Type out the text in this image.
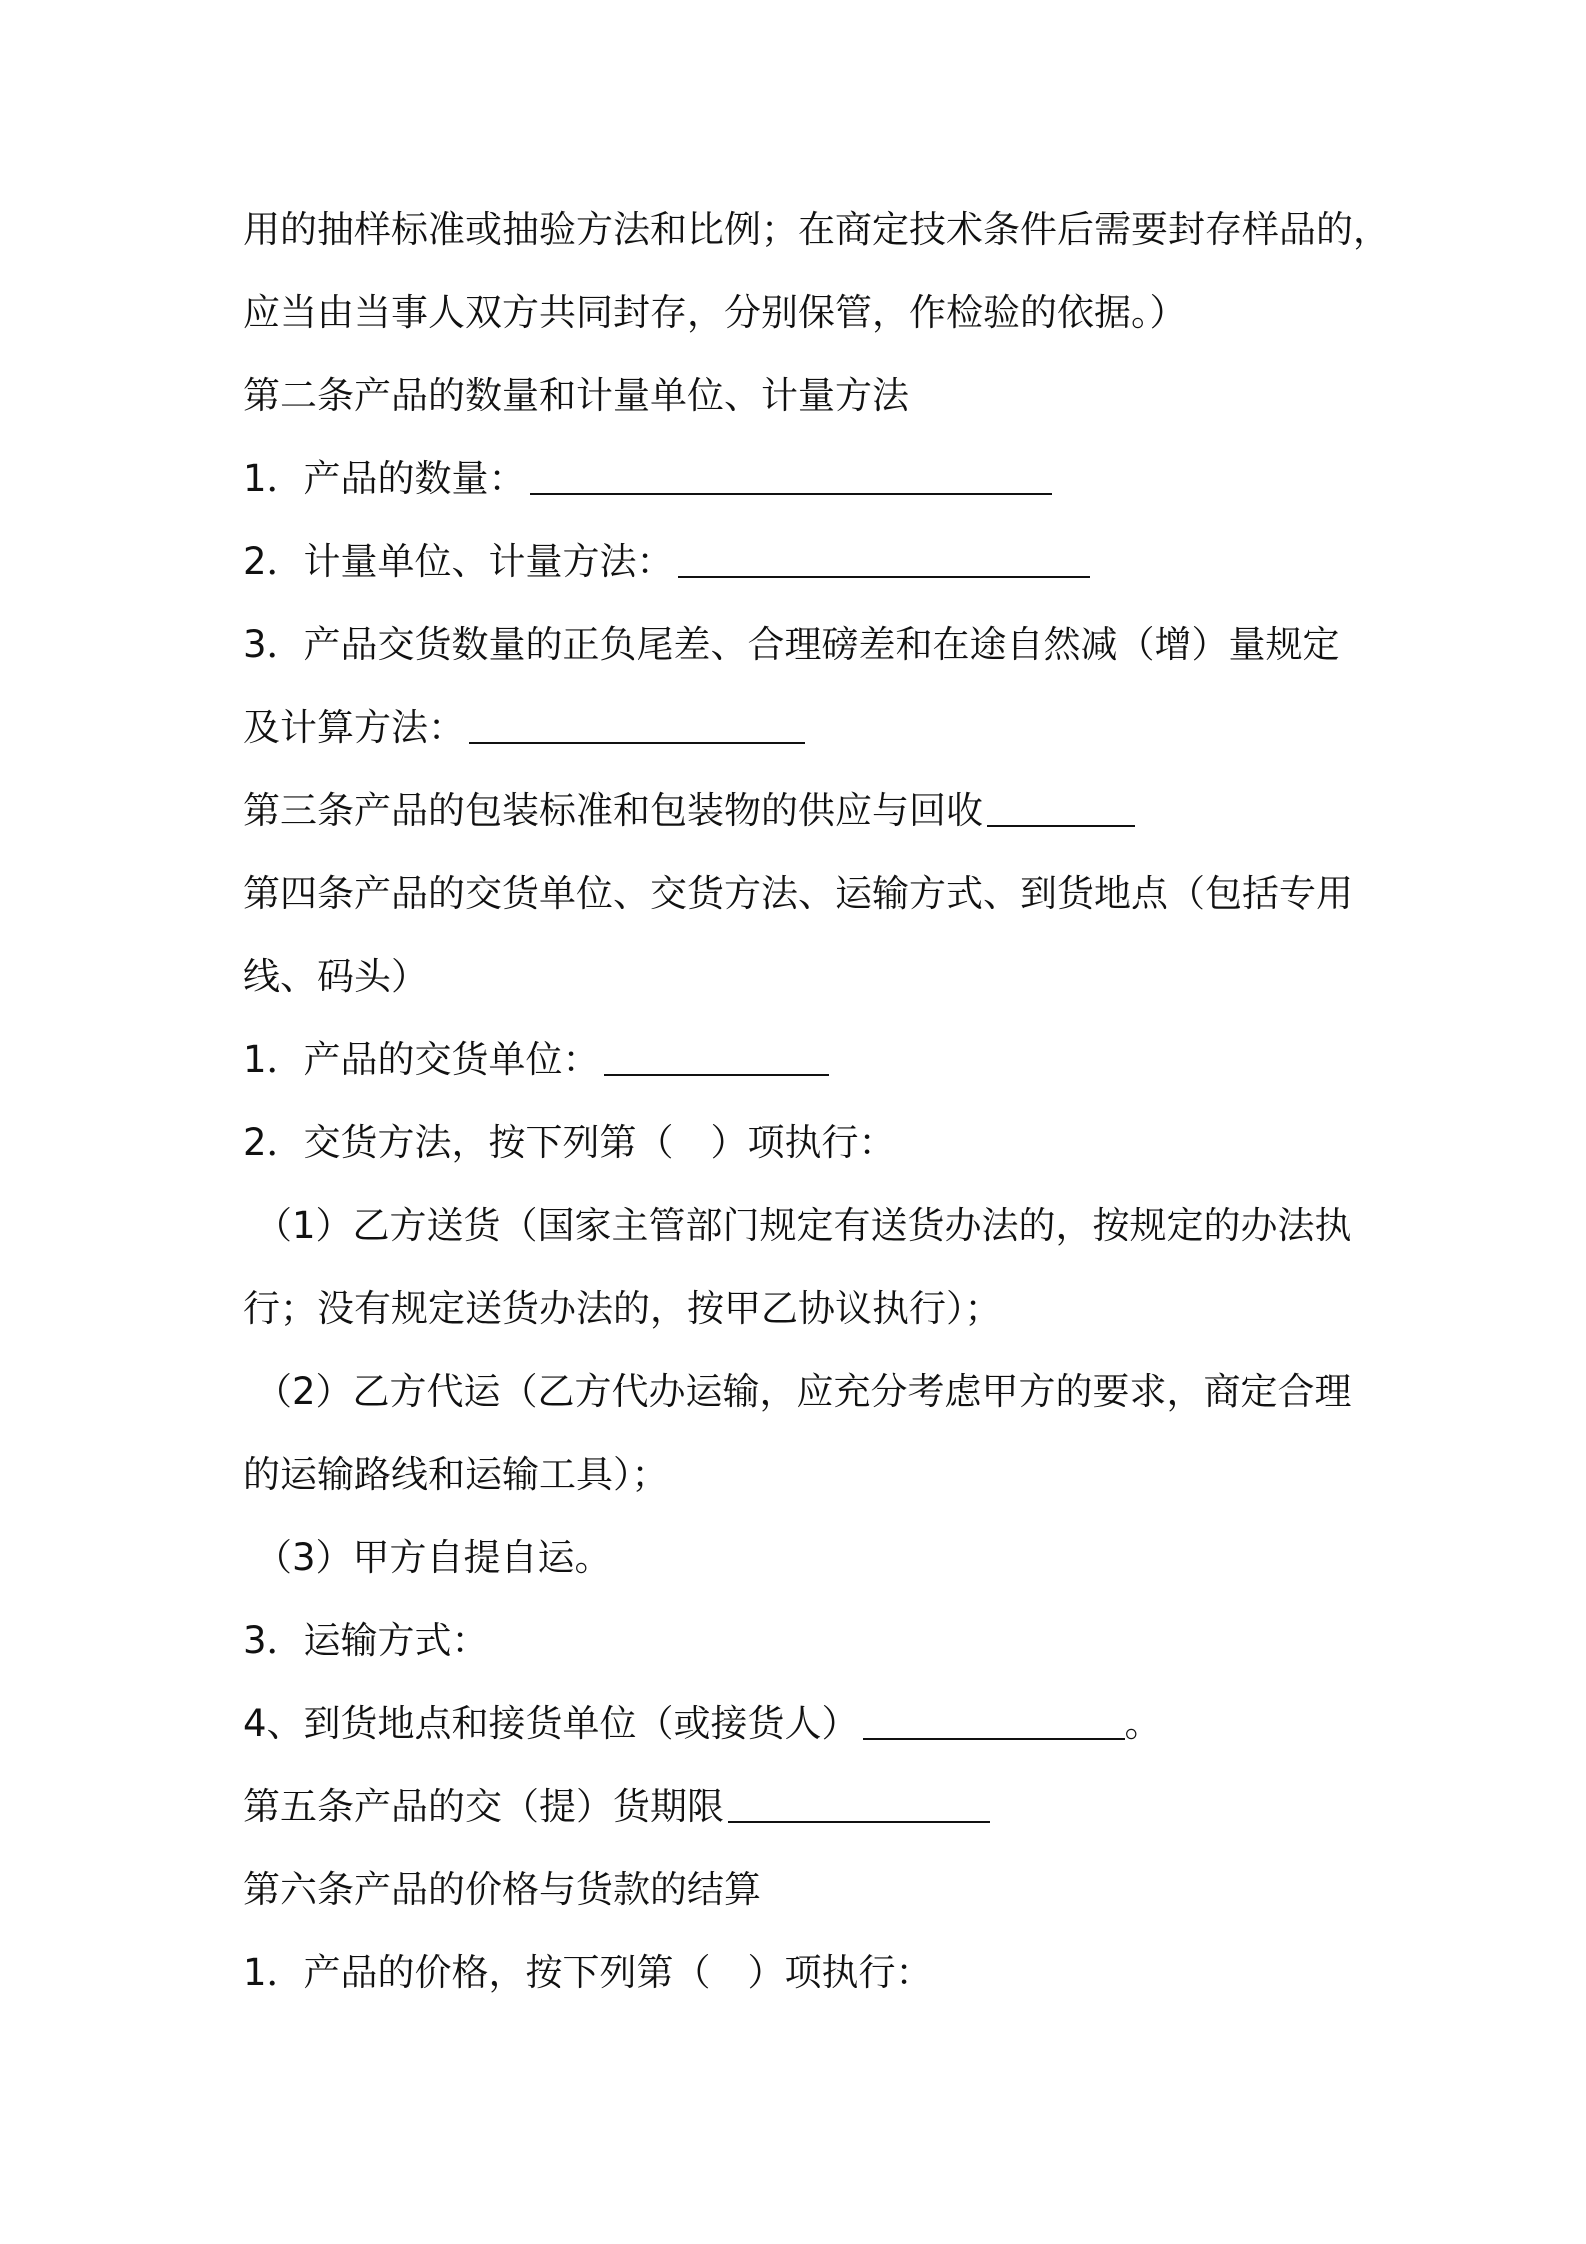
用的抽样标准或抽验方法和比例；在商定技术条件后需要封存样品的，
应当由当事人双方共同封存，分别保管，作检验的依据。）
第二条产品的数量和计量单位、计量方法
1．产品的数量：
2．计量单位、计量方法：
3．产品交货数量的正负尾差、合理磅差和在途自然减（增）量规定
及计算方法：
第三条产品的包装标准和包装物的供应与回收
第四条产品的交货单位、交货方法、运输方式、到货地点（包括专用
线、码头）
1．产品的交货单位：
2．交货方法，按下列第（　）项执行：
（1）乙方送货（国家主管部门规定有送货办法的，按规定的办法执
行；没有规定送货办法的，按甲乙协议执行）；
（2）乙方代运（乙方代办运输，应充分考虑甲方的要求，商定合理
的运输路线和运输工具）；
（3）甲方自提自运。
3．运输方式：
4、到货地点和接货单位（或接货人）	。
第五条产品的交（提）货期限
第六条产品的价格与货款的结算
1．产品的价格，按下列第（　）项执行：
